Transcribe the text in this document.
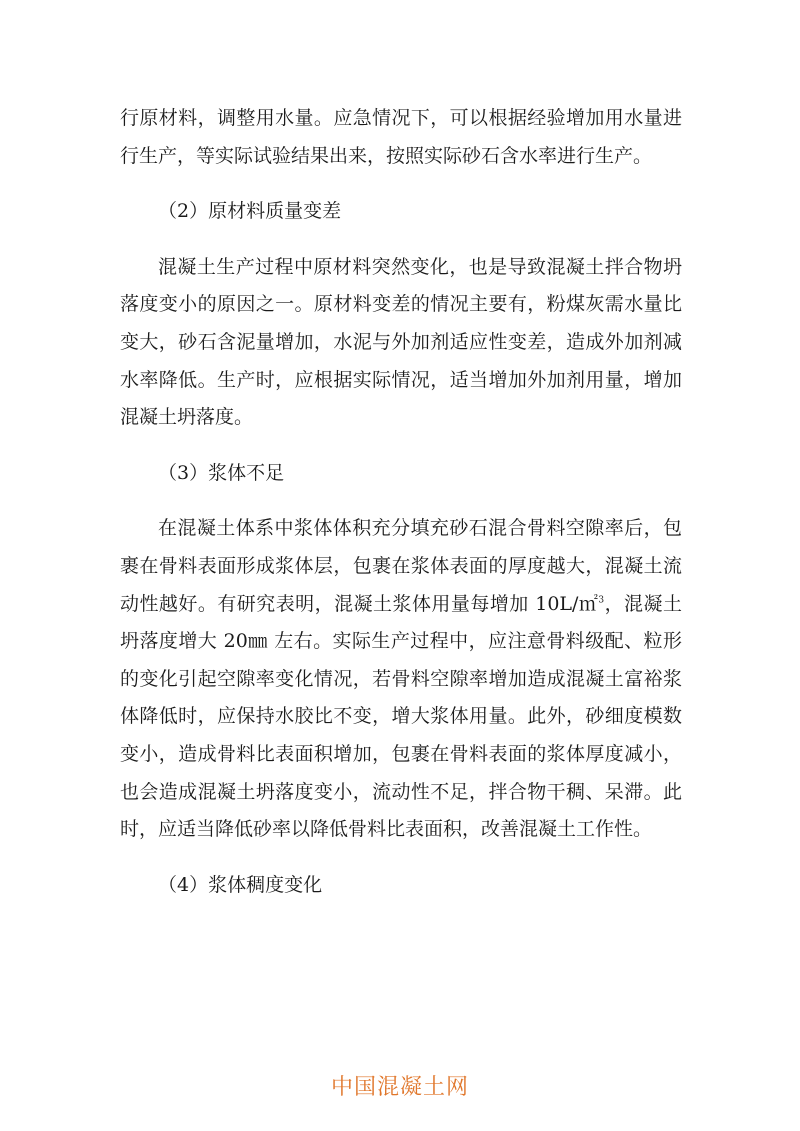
行原材料，调整用水量。应急情况下，可以根据经验增加用水量进行生产，等实际试验结果出来，按照实际砂石含水率进行生产。

（2）原材料质量变差

混凝土生产过程中原材料突然变化，也是导致混凝土拌合物坍落度变小的原因之一。原材料变差的情况主要有，粉煤灰需水量比变大，砂石含泥量增加，水泥与外加剂适应性变差，造成外加剂减水率降低。生产时，应根据实际情况，适当增加外加剂用量，增加混凝土坍落度。

（3）浆体不足

在混凝土体系中浆体体积充分填充砂石混合骨料空隙率后，包裹在骨料表面形成浆体层，包裹在浆体表面的厚度越大，混凝土流动性越好。有研究表明，混凝土浆体用量每增加 10L/㎡$^3$，混凝土坍落度增大 20㎜ 左右。实际生产过程中，应注意骨料级配、粒形的变化引起空隙率变化情况，若骨料空隙率增加造成混凝土富裕浆体降低时，应保持水胶比不变，增大浆体用量。此外，砂细度模数变小，造成骨料比表面积增加，包裹在骨料表面的浆体厚度减小，也会造成混凝土坍落度变小，流动性不足，拌合物干稠、呆滞。此时，应适当降低砂率以降低骨料比表面积，改善混凝土工作性。

（4）浆体稠度变化

中国混凝土网
